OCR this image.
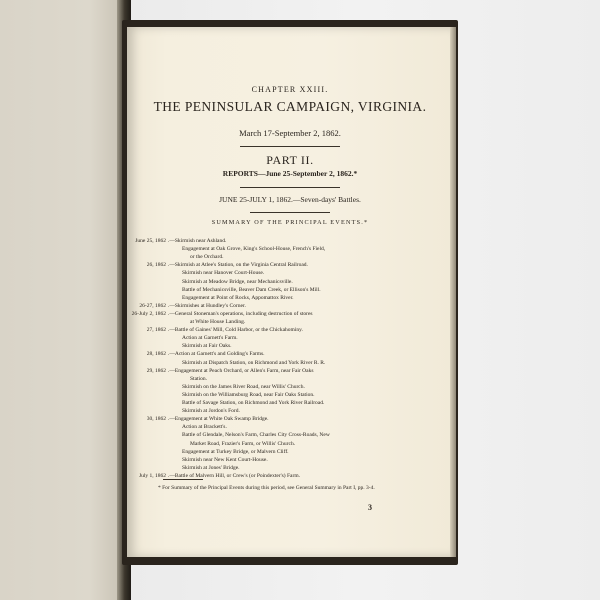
CHAPTER XXIII.
THE PENINSULAR CAMPAIGN, VIRGINIA.
March 17-September 2, 1862.
PART II.
REPORTS—June 25-September 2, 1862.*
JUNE 25-JULY 1, 1862.—Seven-days' Battles.
SUMMARY OF THE PRINCIPAL EVENTS.*
June 25, 1862 .—Skirmish near Ashland.
Engagement at Oak Grove, King's School-House, French's Field,
or the Orchard.
26, 1862 .—Skirmish at Atlee's Station, on the Virginia Central Railroad.
Skirmish near Hanover Court-House.
Skirmish at Meadow Bridge, near Mechanicsville.
Battle of Mechanicsville, Beaver Dam Creek, or Ellison's Mill.
Engagement at Point of Rocks, Appomattox River.
26-27, 1862 .—Skirmishes at Hundley's Corner.
26-July 2, 1862 .—General Stoneman's operations, including destruction of stores
at White House Landing.
27, 1862 .—Battle of Gaines' Mill, Cold Harbor, or the Chickahominy.
Action at Garnett's Farm.
Skirmish at Fair Oaks.
28, 1862 .—Action at Garnett's and Golding's Farms.
Skirmish at Dispatch Station, on Richmond and York River R. R.
29, 1862 .—Engagement at Peach Orchard, or Allen's Farm, near Fair Oaks
Station.
Skirmish on the James River Road, near Willis' Church.
Skirmish on the Williamsburg Road, near Fair Oaks Station.
Battle of Savage Station, on Richmond and York River Railroad.
Skirmish at Jordon's Ford.
30, 1862 .—Engagement at White Oak Swamp Bridge.
Action at Brackett's.
Battle of Glendale, Nelson's Farm, Charles City Cross-Roads, New
Market Road, Frazier's Farm, or Willis' Church.
Engagement at Turkey Bridge, or Malvern Cliff.
Skirmish near New Kent Court-House.
Skirmish at Jones' Bridge.
July 1, 1862 .—Battle of Malvern Hill, or Crew's (or Poindexter's) Farm.
* For Summary of the Principal Events during this period, see General Summary in Part I, pp. 3-4.
3
